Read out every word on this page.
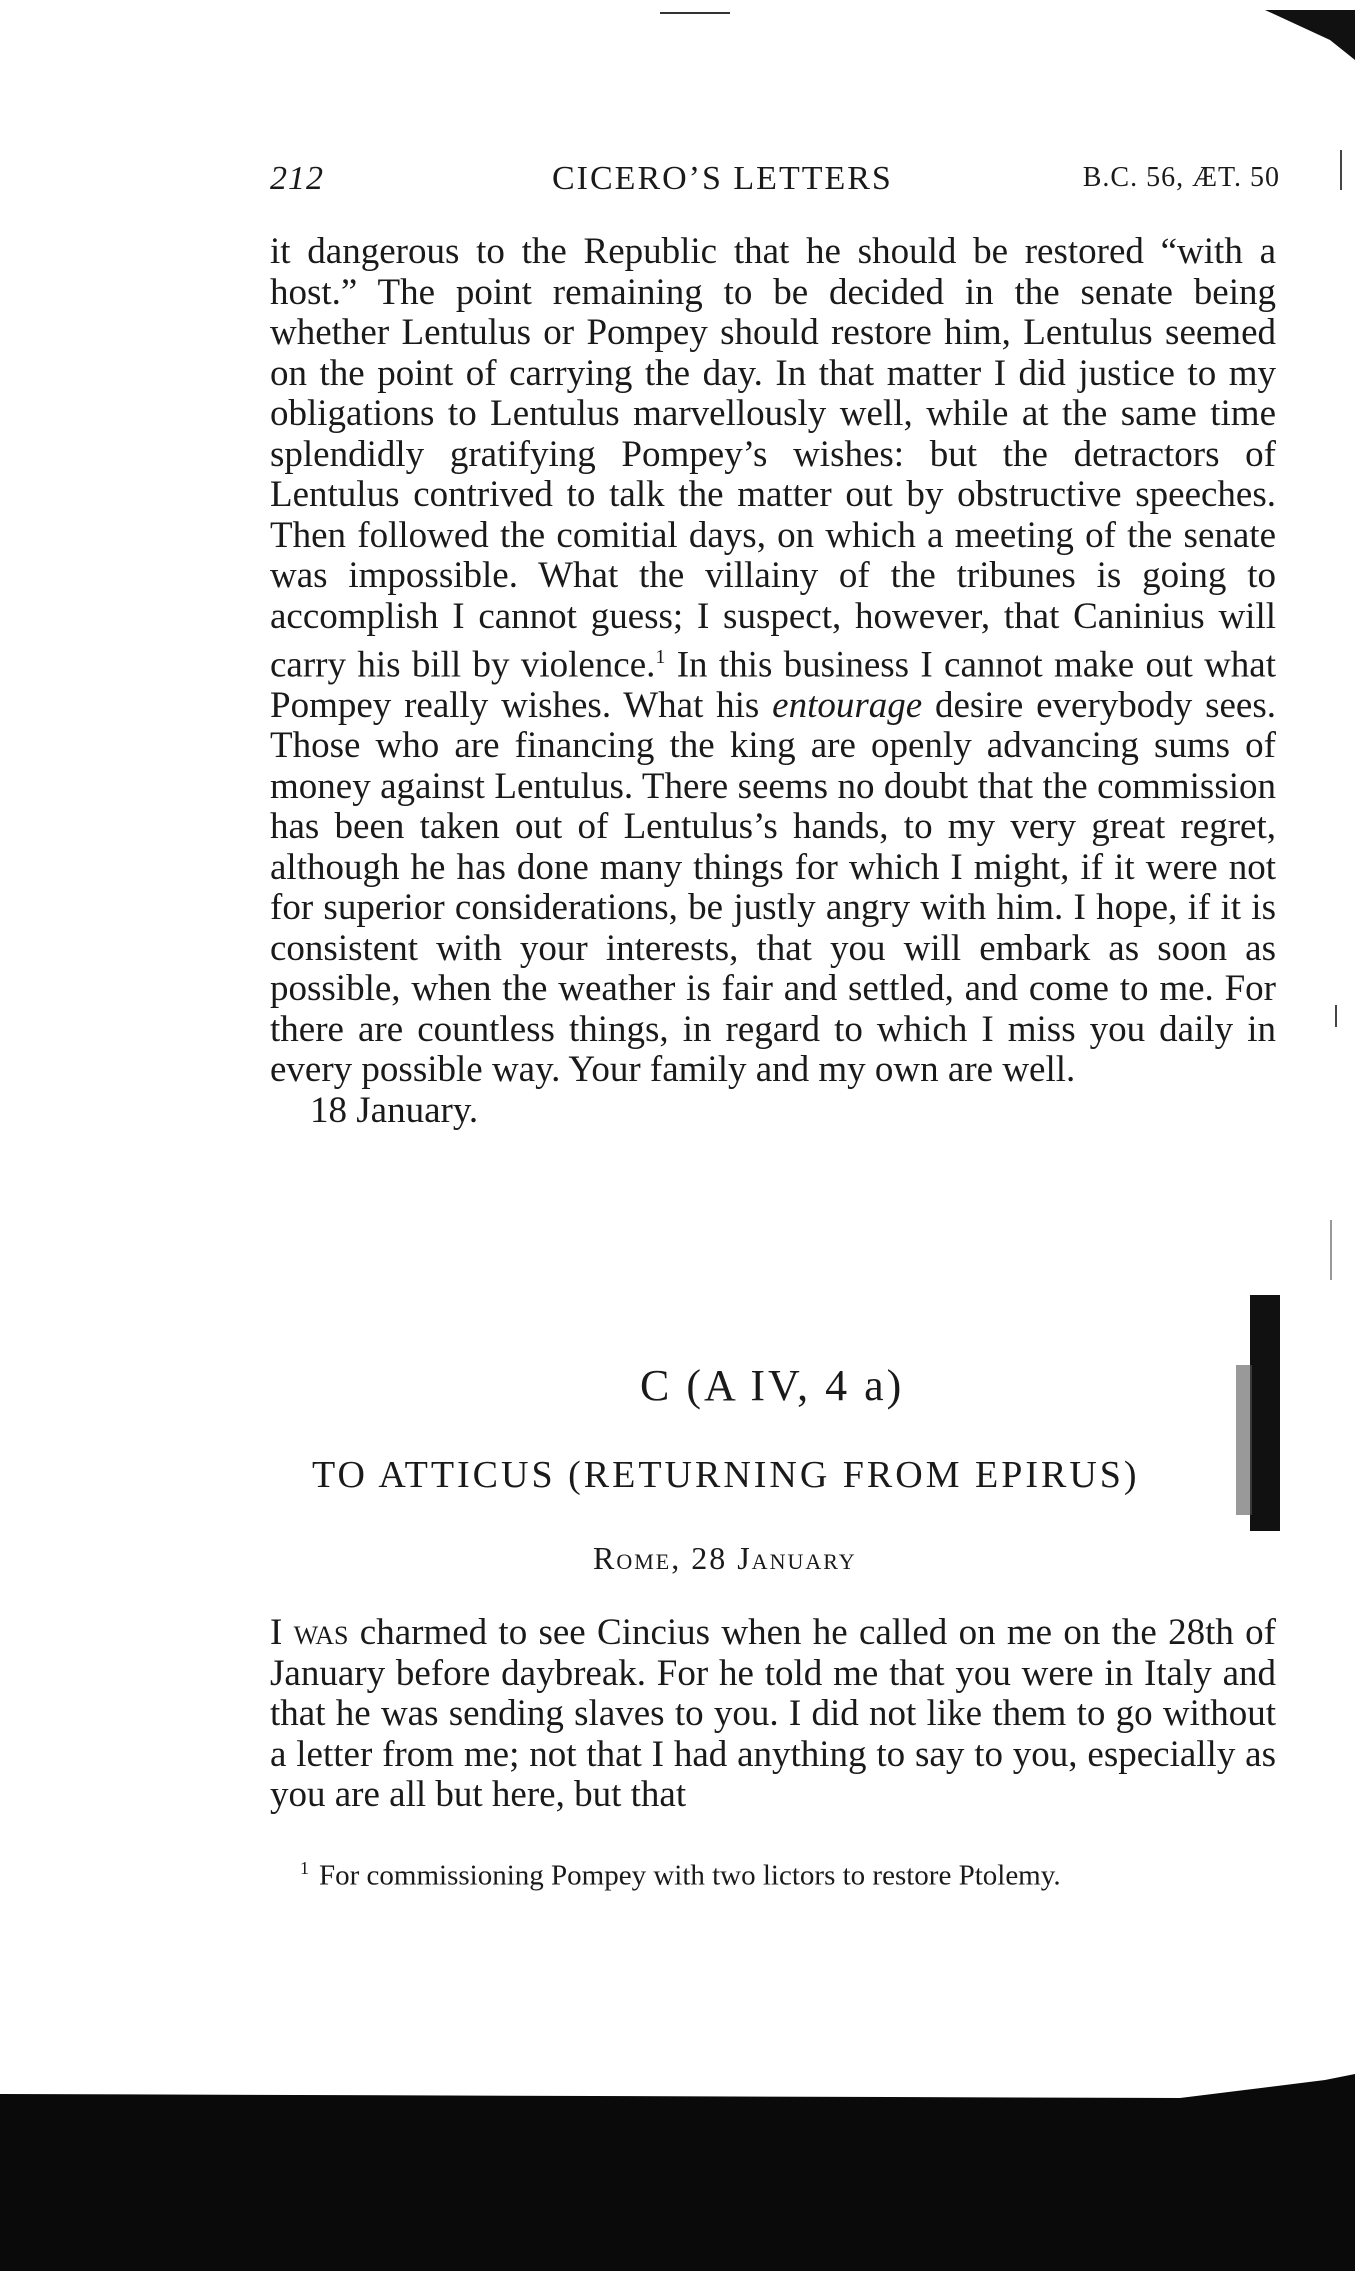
212	CICERO’S LETTERS	B.C. 56, ÆT. 50

it dangerous to the Republic that he should be restored “with a host.” The point remaining to be decided in the senate being whether Lentulus or Pompey should restore him, Lentulus seemed on the point of carrying the day. In that matter I did justice to my obligations to Lentulus marvellously well, while at the same time splendidly gratifying Pompey’s wishes: but the detractors of Lentulus contrived to talk the matter out by obstructive speeches. Then followed the comitial days, on which a meeting of the senate was impossible. What the villainy of the tribunes is going to accomplish I cannot guess; I suspect, however, that Caninius will carry his bill by violence.$^1$ In this business I cannot make out what Pompey really wishes. What his entourage desire everybody sees. Those who are financing the king are openly advancing sums of money against Lentulus. There seems no doubt that the commission has been taken out of Lentulus’s hands, to my very great regret, although he has done many things for which I might, if it were not for superior considerations, be justly angry with him. I hope, if it is consistent with your interests, that you will embark as soon as possible, when the weather is fair and settled, and come to me. For there are countless things, in regard to which I miss you daily in every possible way. Your family and my own are well.

18 January.

C (A IV, 4 a)
TO ATTICUS (RETURNING FROM EPIRUS)
Rome, 28 January

I was charmed to see Cincius when he called on me on the 28th of January before daybreak. For he told me that you were in Italy and that he was sending slaves to you. I did not like them to go without a letter from me; not that I had anything to say to you, especially as you are all but here, but that

$^1$ For commissioning Pompey with two lictors to restore Ptolemy.
